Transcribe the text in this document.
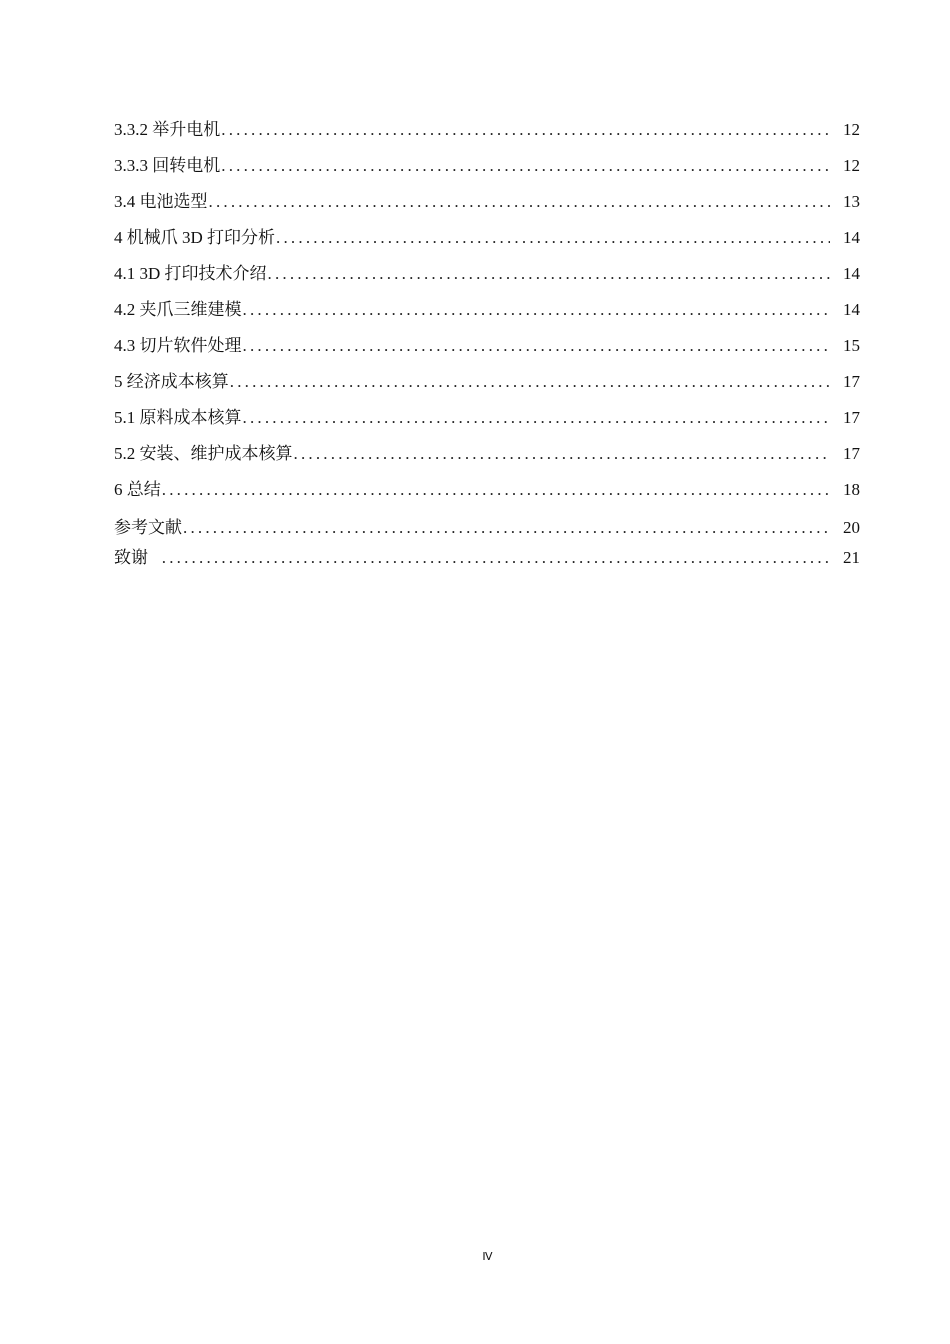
3.3.2 举升电机 .....	12
3.3.3 回转电机 .....	12
3.4 电池选型 .....	13
4 机械爪 3D 打印分析 .....	14
4.1 3D 打印技术介绍 .....	14
4.2 夹爪三维建模 .....	14
4.3 切片软件处理 .....	15
5 经济成本核算 .....	17
5.1 原料成本核算 .....	17
5.2 安装、维护成本核算 .....	17
6 总结 .....	18
参考文献 .....	20
致谢 .....	21
Ⅳ
